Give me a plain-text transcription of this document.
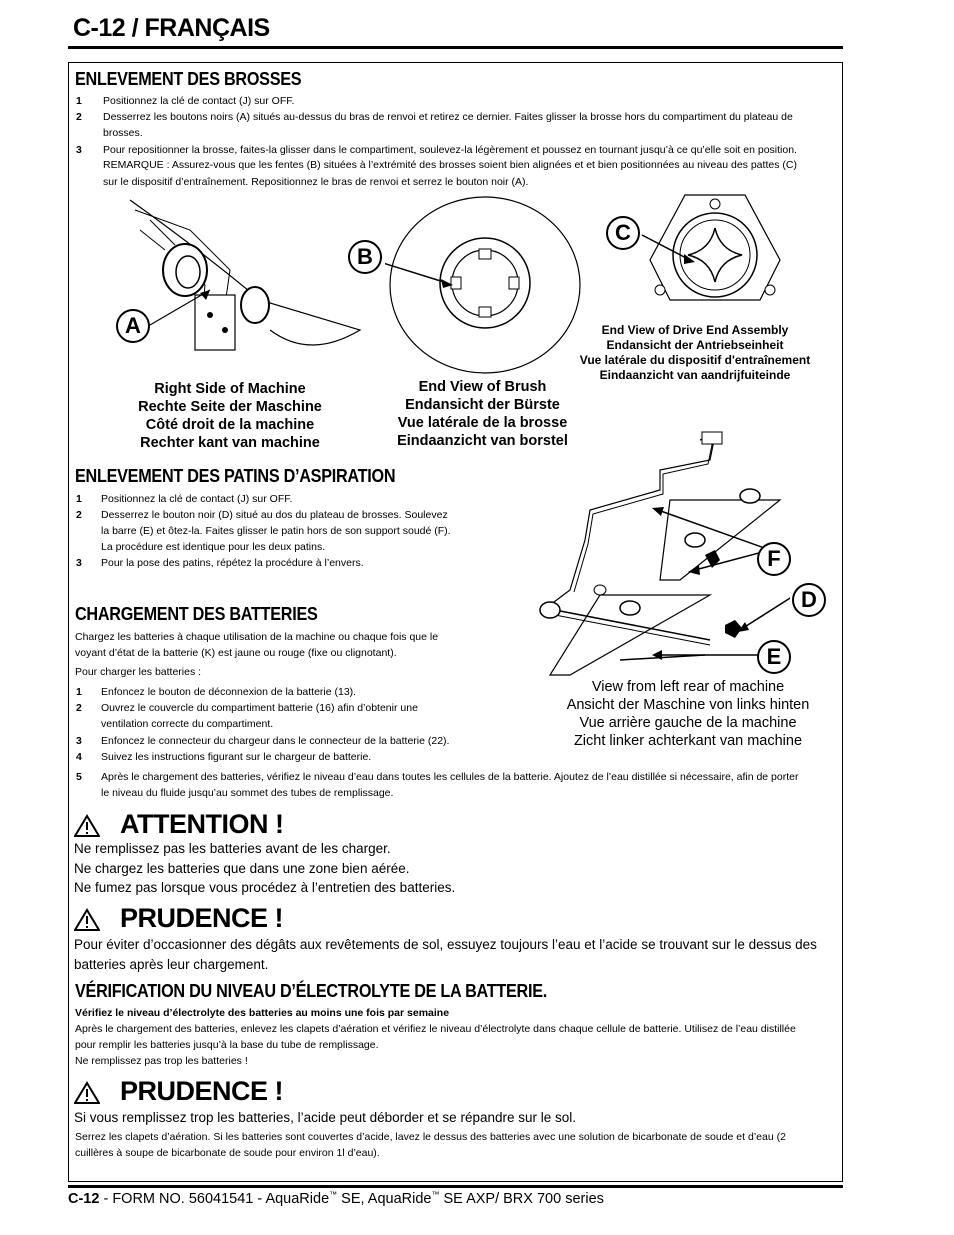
C-12 / FRANÇAIS
ENLEVEMENT DES BROSSES
1 Positionnez la clé de contact (J) sur OFF.
2 Desserrez les boutons noirs (A) situés au-dessus du bras de renvoi et retirez ce dernier. Faites glisser la brosse hors du compartiment du plateau de
brosses.
3 Pour repositionner la brosse, faites-la glisser dans le compartiment, soulevez-la légèrement et poussez en tournant jusqu’à ce qu’elle soit en position.
REMARQUE : Assurez-vous que les fentes (B) situées à l’extrémité des brosses soient bien alignées et et bien positionnées au niveau des pattes (C)
sur le dispositif d’entraînement. Repositionnez le bras de renvoi et serrez le bouton noir (A).
A
Right Side of Machine
Rechte Seite der Maschine
Côté droit de la machine
Rechter kant van machine
B
End View of Brush
Endansicht der Bürste
Vue latérale de la brosse
Eindaanzicht van borstel
C
End View of Drive End Assembly
Endansicht der Antriebseinheit
Vue latérale du dispositif d'entraînement
Eindaanzicht van aandrijfuiteinde
ENLEVEMENT DES PATINS D’ASPIRATION
1 Positionnez la clé de contact (J) sur OFF.
2 Desserrez le bouton noir (D) situé au dos du plateau de brosses. Soulevez
la barre (E) et ôtez-la. Faites glisser le patin hors de son support soudé (F).
La procédure est identique pour les deux patins.
3 Pour la pose des patins, répétez la procédure à l’envers.	F
D
E
View from left rear of machine
Ansicht der Maschine von links hinten
Vue arrière gauche de la machine
Zicht linker achterkant van machine
CHARGEMENT DES BATTERIES
Chargez les batteries à chaque utilisation de la machine ou chaque fois que le
voyant d’état de la batterie (K) est jaune ou rouge (fixe ou clignotant).
Pour charger les batteries :
1 Enfoncez le bouton de déconnexion de la batterie (13).
2 Ouvrez le couvercle du compartiment batterie (16) afin d’obtenir une
ventilation correcte du compartiment.
3 Enfoncez le connecteur du chargeur dans le connecteur de la batterie (22).
4 Suivez les instructions figurant sur le chargeur de batterie.
5 Après le chargement des batteries, vérifiez le niveau d’eau dans toutes les cellules de la batterie. Ajoutez de l’eau distillée si nécessaire, afin de porter
le niveau du fluide jusqu’au sommet des tubes de remplissage.
ATTENTION !
Ne remplissez pas les batteries avant de les charger.
Ne chargez les batteries que dans une zone bien aérée.
Ne fumez pas lorsque vous procédez à l’entretien des batteries.
PRUDENCE !
Pour éviter d’occasionner des dégâts aux revêtements de sol, essuyez toujours l’eau et l’acide se trouvant sur le dessus des
batteries après leur chargement.
VÉRIFICATION DU NIVEAU D’ÉLECTROLYTE DE LA BATTERIE.
Vérifiez le niveau d’électrolyte des batteries au moins une fois par semaine
Après le chargement des batteries, enlevez les clapets d’aération et vérifiez le niveau d’électrolyte dans chaque cellule de batterie. Utilisez de l’eau distillée
pour remplir les batteries jusqu’à la base du tube de remplissage.
Ne remplissez pas trop les batteries !
PRUDENCE !
Si vous remplissez trop les batteries, l’acide peut déborder et se répandre sur le sol.
Serrez les clapets d’aération. Si les batteries sont couvertes d’acide, lavez le dessus des batteries avec une solution de bicarbonate de soude et d’eau (2
cuillères à soupe de bicarbonate de soude pour environ 1l d’eau).
C-12 - FORM NO. 56041541 - AquaRide™ SE, AquaRide™ SE AXP/ BRX 700 series
